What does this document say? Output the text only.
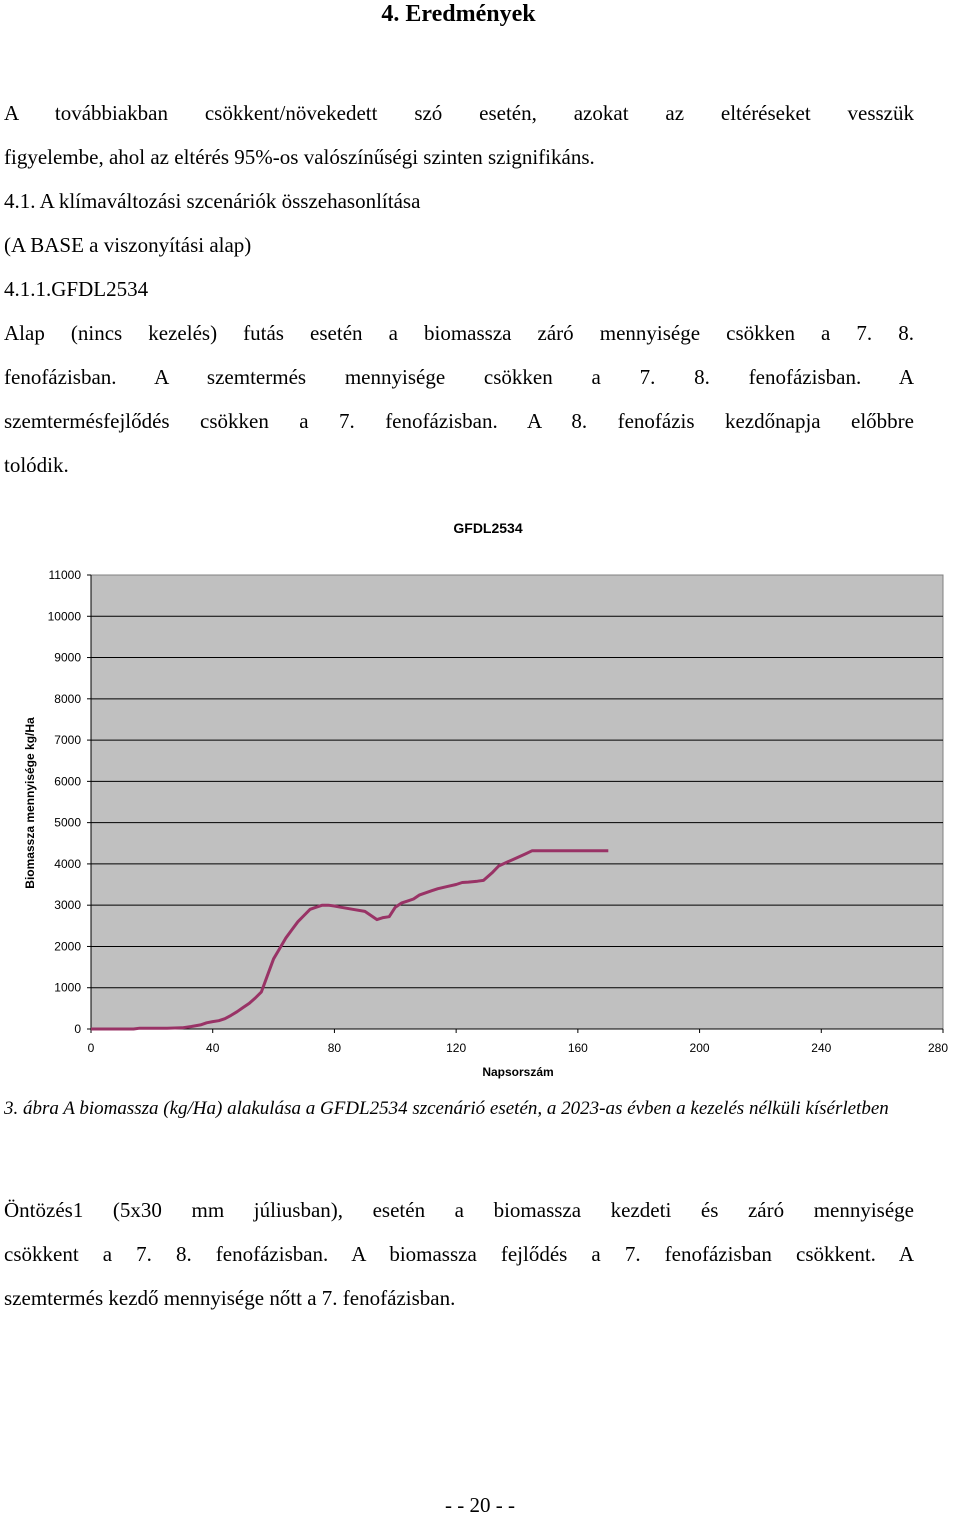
4. Eredmények
A továbbiakban csökkent/növekedett szó esetén, azokat az eltéréseket vesszük
figyelembe, ahol az eltérés 95%-os valószínűségi szinten szignifikáns.
4.1. A klímaváltozási szcenáriók összehasonlítása
(A BASE a viszonyítási alap)
4.1.1.GFDL2534
Alap (nincs kezelés) futás esetén a biomassza záró mennyisége csökken a 7. 8.
fenofázisban. A szemtermés mennyisége csökken a 7. 8. fenofázisban. A
szemtermésfejlődés csökken a 7. fenofázisban. A 8. fenofázis kezdőnapja előbbre
tolódik.
GFDL2534
0
1000
2000
3000
4000
5000
6000
7000
8000
9000
10000
11000
0	40	80	120	160	200	240	280
Napsorszám
Biomassza mennyisége kg/Ha
3. ábra A biomassza (kg/Ha) alakulása a GFDL2534 szcenárió esetén, a 2023-as évben a kezelés nélküli kísérletben
Öntözés1 (5x30 mm júliusban), esetén a biomassza kezdeti és záró mennyisége
csökkent a 7. 8. fenofázisban. A biomassza fejlődés a 7. fenofázisban csökkent. A
szemtermés kezdő mennyisége nőtt a 7. fenofázisban.
- - 20 - -
